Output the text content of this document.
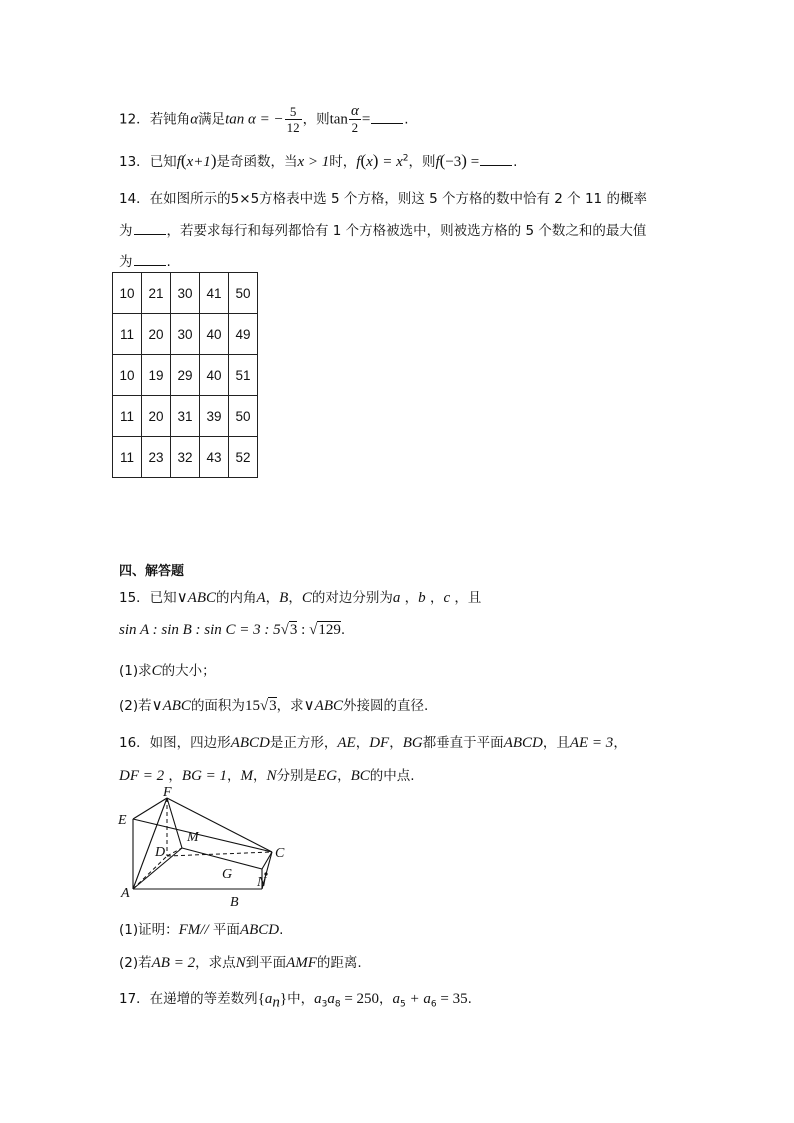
12．若钝角α满足tan α = − $\frac{5}{12}$ ，则$\tan \frac{\alpha}{2}$ =	.
13．已知f(x+1)是奇函数，当x > 1时，$f(x) = x^2$，则f(−3) =	.
14．在如图所示的5×5方格表中选 5 个方格，则这 5 个方格的数中恰有 2 个 11 的概率
为	，若要求每行和每列都恰有 1 个方格被选中，则被选方格的 5 个数之和的最大值
为	.
10	21	30	41	50
11	20	30	40	49
10	19	29	40	51
11	20	31	39	50
11	23	32	43	52
四、解答题
15．已知∨ABC的内角A，B，C的对边分别为a ，b ，c ，且
sin A : sin B : sin C = 3 : 5√3 : √129.
(1)求C的大小；
(2)若∨ABC的面积为15√3，求∨ABC外接圆的直径.
16．如图，四边形ABCD是正方形，AE，DF，BG都垂直于平面ABCD，且AE = 3，
DF = 2 ，BG = 1，M，N分别是EG，BC的中点.
E
F
M
D	C
G
N
A
B
(1)证明：FM// 平面ABCD.
(2)若AB = 2，求点N到平面AMF的距离.
17．在递增的等差数列$\{a_n\}$中，$a_3a_8 = 250$，$a_5 + a_6 = 35$.
